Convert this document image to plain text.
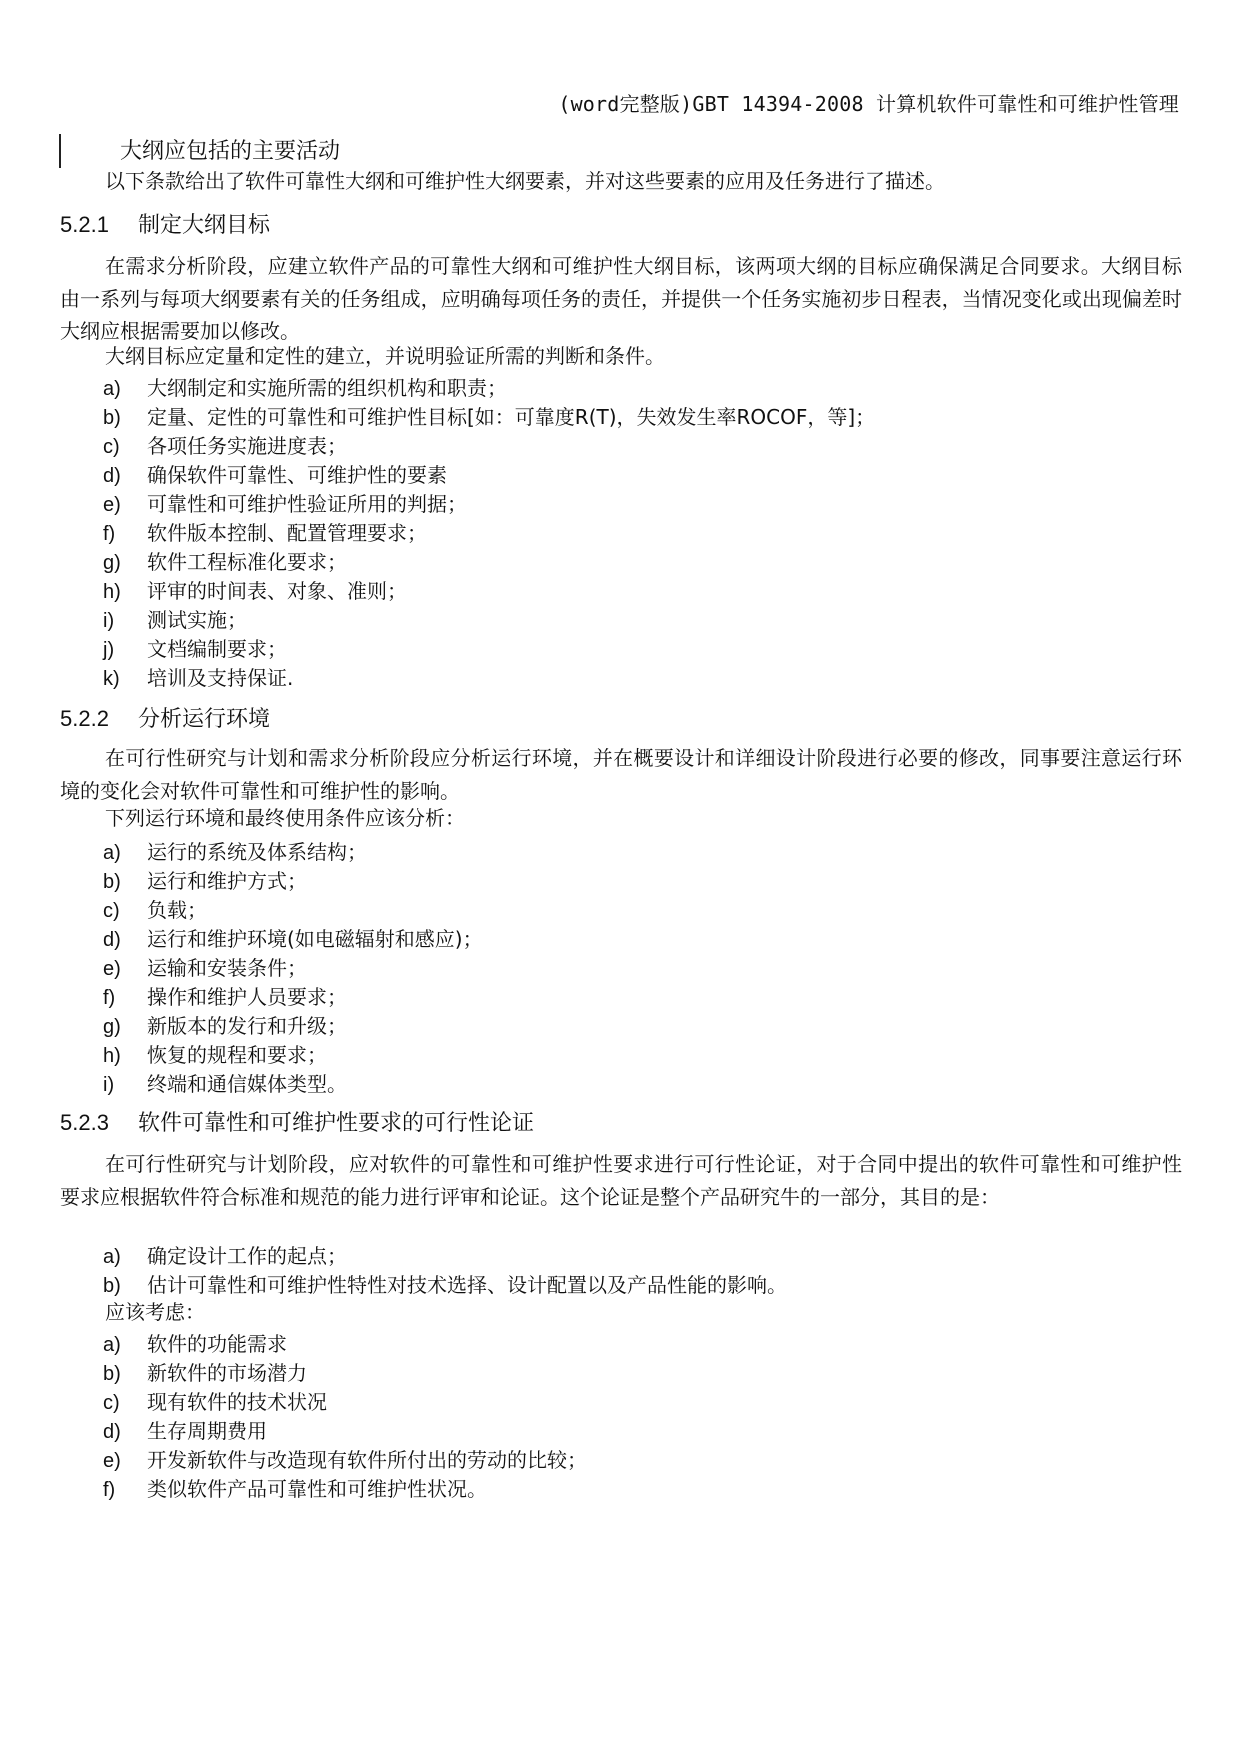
(word完整版)GBT 14394-2008 计算机软件可靠性和可维护性管理
大纲应包括的主要活动
以下条款给出了软件可靠性大纲和可维护性大纲要素，并对这些要素的应用及任务进行了描述。
5.2.1 制定大纲目标
在需求分析阶段，应建立软件产品的可靠性大纲和可维护性大纲目标，该两项大纲的目标应确保满足合同要求。大纲目标由一系列与每项大纲要素有关的任务组成，应明确每项任务的责任，并提供一个任务实施初步日程表，当情况变化或出现偏差时大纲应根据需要加以修改。
大纲目标应定量和定性的建立，并说明验证所需的判断和条件。
a) 大纲制定和实施所需的组织机构和职责；
b) 定量、定性的可靠性和可维护性目标[如：可靠度R(T)，失效发生率ROCOF，等]；
c) 各项任务实施进度表；
d) 确保软件可靠性、可维护性的要素
e) 可靠性和可维护性验证所用的判据；
f) 软件版本控制、配置管理要求；
g) 软件工程标准化要求；
h) 评审的时间表、对象、准则；
i) 测试实施；
j) 文档编制要求；
k) 培训及支持保证.
5.2.2 分析运行环境
在可行性研究与计划和需求分析阶段应分析运行环境，并在概要设计和详细设计阶段进行必要的修改，同事要注意运行环境的变化会对软件可靠性和可维护性的影响。
下列运行环境和最终使用条件应该分析：
a) 运行的系统及体系结构；
b) 运行和维护方式；
c) 负载；
d) 运行和维护环境(如电磁辐射和感应)；
e) 运输和安装条件；
f) 操作和维护人员要求；
g) 新版本的发行和升级；
h) 恢复的规程和要求；
i) 终端和通信媒体类型。
5.2.3 软件可靠性和可维护性要求的可行性论证
在可行性研究与计划阶段，应对软件的可靠性和可维护性要求进行可行性论证，对于合同中提出的软件可靠性和可维护性要求应根据软件符合标准和规范的能力进行评审和论证。这个论证是整个产品研究牛的一部分，其目的是：
a) 确定设计工作的起点；
b) 估计可靠性和可维护性特性对技术选择、设计配置以及产品性能的影响。
应该考虑：
a) 软件的功能需求
b) 新软件的市场潜力
c) 现有软件的技术状况
d) 生存周期费用
e) 开发新软件与改造现有软件所付出的劳动的比较；
f) 类似软件产品可靠性和可维护性状况。
